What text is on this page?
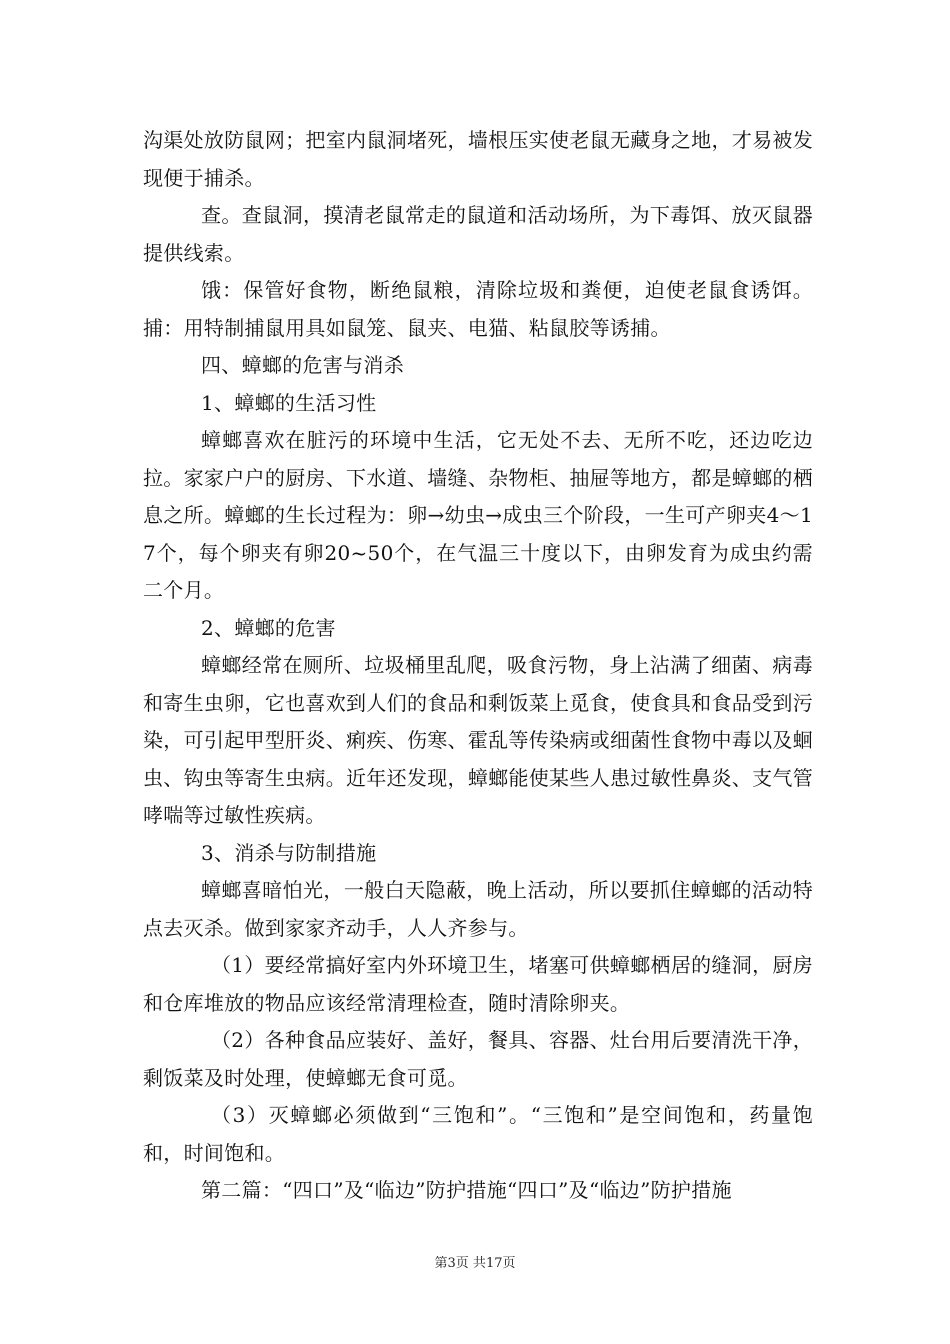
沟渠处放防鼠网；把室内鼠洞堵死，墙根压实使老鼠无藏身之地，才易被发现便于捕杀。

查。查鼠洞，摸清老鼠常走的鼠道和活动场所，为下毒饵、放灭鼠器提供线索。

饿：保管好食物，断绝鼠粮，清除垃圾和粪便，迫使老鼠食诱饵。捕：用特制捕鼠用具如鼠笼、鼠夹、电猫、粘鼠胶等诱捕。

四、蟑螂的危害与消杀

1、蟑螂的生活习性

蟑螂喜欢在脏污的环境中生活，它无处不去、无所不吃，还边吃边拉。家家户户的厨房、下水道、墙缝、杂物柜、抽屉等地方，都是蟑螂的栖息之所。蟑螂的生长过程为：卵→幼虫→成虫三个阶段，一生可产卵夹4～17个，每个卵夹有卵20~50个，在气温三十度以下，由卵发育为成虫约需二个月。

2、蟑螂的危害

蟑螂经常在厕所、垃圾桶里乱爬，吸食污物，身上沾满了细菌、病毒和寄生虫卵，它也喜欢到人们的食品和剩饭菜上觅食，使食具和食品受到污染，可引起甲型肝炎、痢疾、伤寒、霍乱等传染病或细菌性食物中毒以及蛔虫、钩虫等寄生虫病。近年还发现，蟑螂能使某些人患过敏性鼻炎、支气管哮喘等过敏性疾病。

3、消杀与防制措施

蟑螂喜暗怕光，一般白天隐蔽，晚上活动，所以要抓住蟑螂的活动特点去灭杀。做到家家齐动手，人人齐参与。

（1）要经常搞好室内外环境卫生，堵塞可供蟑螂栖居的缝洞，厨房和仓库堆放的物品应该经常清理检查，随时清除卵夹。

（2）各种食品应装好、盖好，餐具、容器、灶台用后要清洗干净，剩饭菜及时处理，使蟑螂无食可觅。

（3）灭蟑螂必须做到“三饱和”。“三饱和”是空间饱和，药量饱和，时间饱和。

第二篇：“四口”及“临边”防护措施“四口”及“临边”防护措施

第3页 共17页
